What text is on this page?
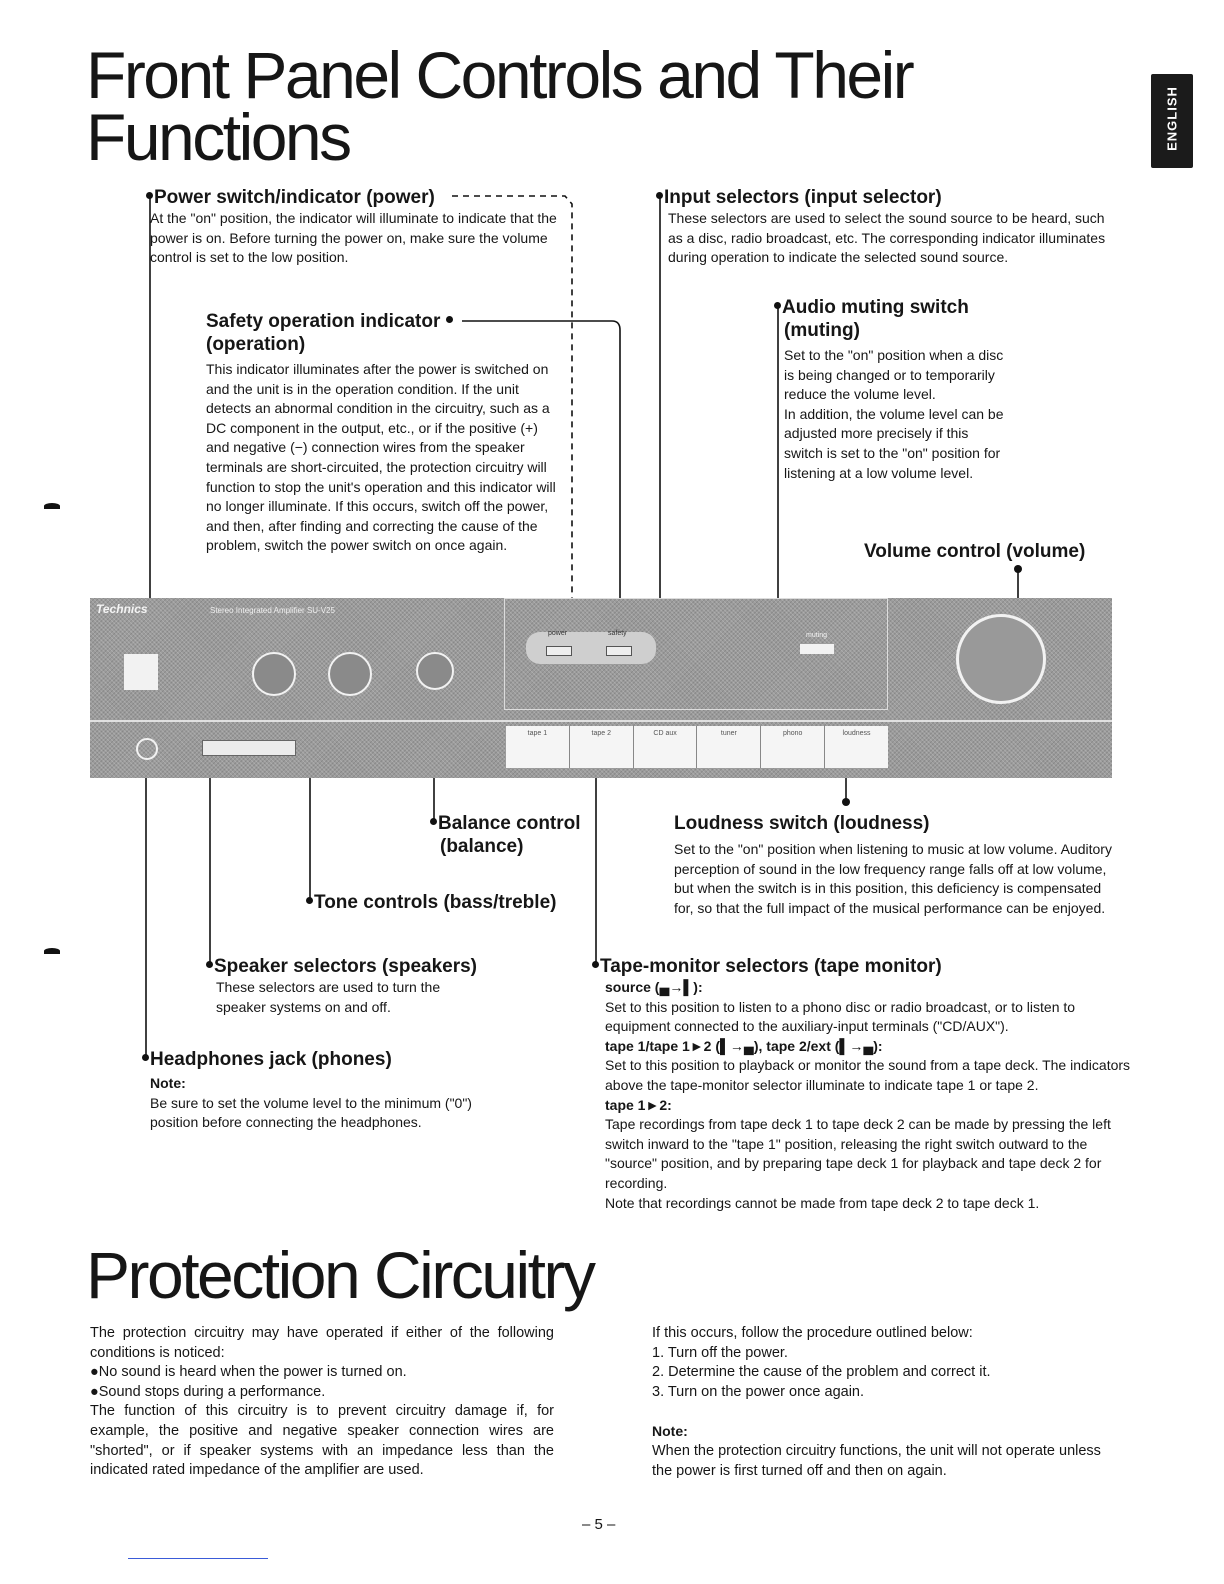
Front Panel Controls and Their
Functions	ENGLISH
Power switch/indicator (power)
At the "on" position, the indicator will illuminate to indicate that the power is on. Before turning the power on, make sure the volume control is set to the low position.
Safety operation indicator
(operation)
This indicator illuminates after the power is switched on and the unit is in the operation condition. If the unit detects an abnormal condition in the circuitry, such as a DC component in the output, etc., or if the positive (+) and negative (−) connection wires from the speaker terminals are short-circuited, the protection circuitry will function to stop the unit's operation and this indicator will no longer illuminate. If this occurs, switch off the power, and then, after finding and correcting the cause of the problem, switch the power switch on once again.
Input selectors (input selector)
These selectors are used to select the sound source to be heard, such as a disc, radio broadcast, etc. The corresponding indicator illuminates during operation to indicate the selected sound source.
Audio muting switch
(muting)
Set to the "on" position when a disc is being changed or to temporarily reduce the volume level.
In addition, the volume level can be adjusted more precisely if this switch is set to the "on" position for listening at a low volume level.
Volume control (volume)
Technics	Stereo Integrated Amplifier SU-V25
power	safety	muting
tape 1	tape 2	CD aux	tuner	phono	loudness
Balance control
(balance)
Loudness switch (loudness)
Set to the "on" position when listening to music at low volume. Auditory perception of sound in the low frequency range falls off at low volume, but when the switch is in this position, this deficiency is compensated for, so that the full impact of the musical performance can be enjoyed.
Tone controls (bass/treble)
Speaker selectors (speakers)
These selectors are used to turn the speaker systems on and off.
Headphones jack (phones)
Note:
Be sure to set the volume level to the minimum ("0") position before connecting the headphones.
Tape-monitor selectors (tape monitor)
source (▄→▌):
Set to this position to listen to a phono disc or radio broadcast, or to listen to equipment connected to the auxiliary-input terminals ("CD/AUX").
tape 1/tape 1►2 (▌→▄), tape 2/ext (▌→▄):
Set to this position to playback or monitor the sound from a tape deck. The indicators above the tape-monitor selector illuminate to indicate tape 1 or tape 2.
tape 1►2:
Tape recordings from tape deck 1 to tape deck 2 can be made by pressing the left switch inward to the "tape 1" position, releasing the right switch outward to the "source" position, and by preparing tape deck 1 for playback and tape deck 2 for recording.
Note that recordings cannot be made from tape deck 2 to tape deck 1.
Protection Circuitry
The protection circuitry may have operated if either of the following conditions is noticed:
●No sound is heard when the power is turned on.
●Sound stops during a performance.
The function of this circuitry is to prevent circuitry damage if, for example, the positive and negative speaker connection wires are "shorted", or if speaker systems with an impedance less than the indicated rated impedance of the amplifier are used.
If this occurs, follow the procedure outlined below:
1. Turn off the power.
2. Determine the cause of the problem and correct it.
3. Turn on the power once again.
Note:
When the protection circuitry functions, the unit will not operate unless the power is first turned off and then on again.
– 5 –
